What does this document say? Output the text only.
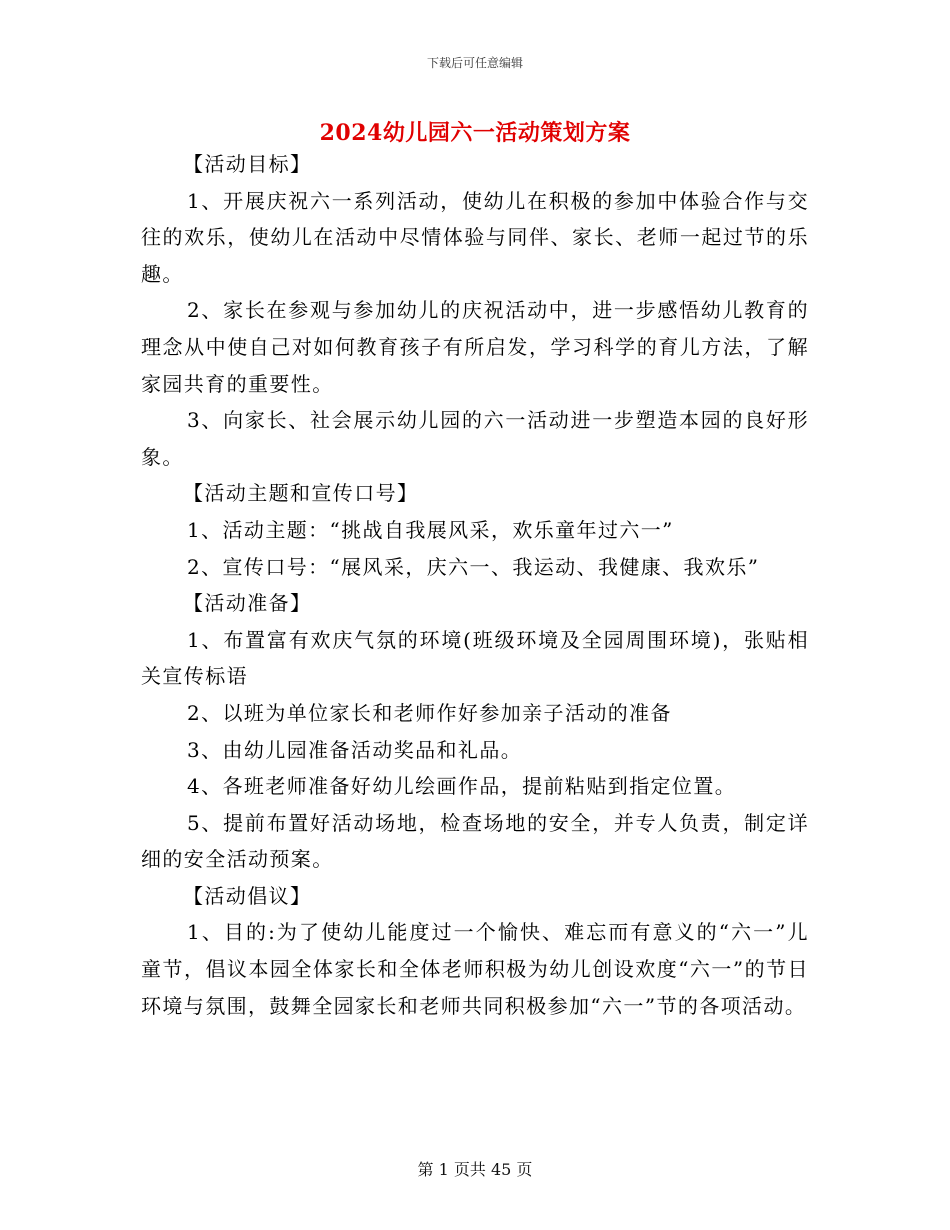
下载后可任意编辑
2024幼儿园六一活动策划方案

【活动目标】

1、开展庆祝六一系列活动，使幼儿在积极的参加中体验合作与交往的欢乐，使幼儿在活动中尽情体验与同伴、家长、老师一起过节的乐趣。

2、家长在参观与参加幼儿的庆祝活动中，进一步感悟幼儿教育的理念从中使自己对如何教育孩子有所启发，学习科学的育儿方法，了解家园共育的重要性。

3、向家长、社会展示幼儿园的六一活动进一步塑造本园的良好形象。

【活动主题和宣传口号】

1、活动主题：“挑战自我展风采，欢乐童年过六一”

2、宣传口号：“展风采，庆六一、我运动、我健康、我欢乐”

【活动准备】

1、布置富有欢庆气氛的环境(班级环境及全园周围环境)，张贴相关宣传标语

2、以班为单位家长和老师作好参加亲子活动的准备

3、由幼儿园准备活动奖品和礼品。

4、各班老师准备好幼儿绘画作品，提前粘贴到指定位置。

5、提前布置好活动场地，检查场地的安全，并专人负责，制定详细的安全活动预案。

【活动倡议】

1、目的:为了使幼儿能度过一个愉快、难忘而有意义的“六一”儿童节，倡议本园全体家长和全体老师积极为幼儿创设欢度“六一”的节日环境与氛围，鼓舞全园家长和老师共同积极参加“六一”节的各项活动。

第 1 页共 45 页
